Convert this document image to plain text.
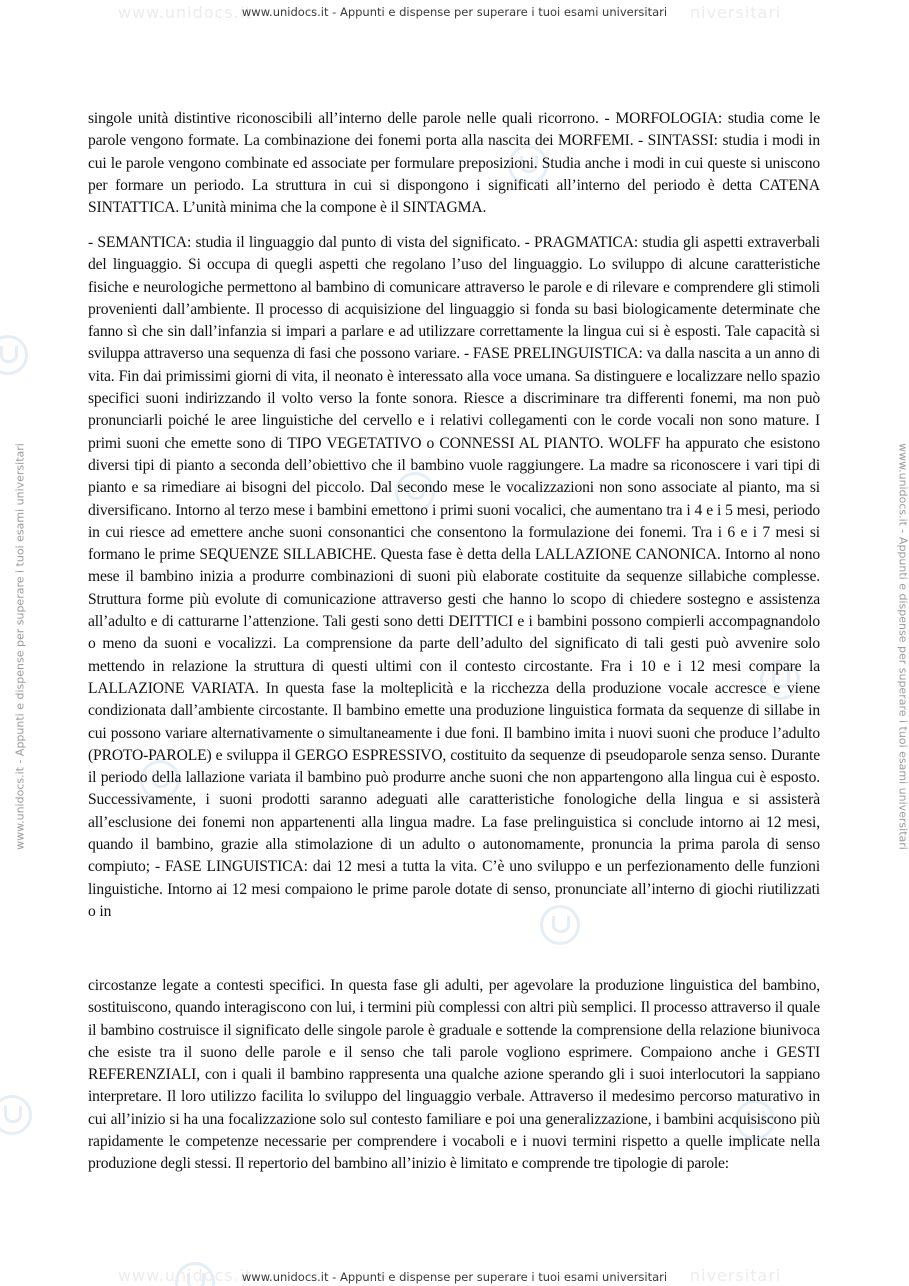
www.unidocs.it	niversitari
www.unidocs.it - Appunti e dispense per superare i tuoi esami universitari
www.unidocs.it - Appunti e dispense per superare i tuoi esami universitari	www.unidocs.it - Appunti e dispense per superare i tuoi esami universitari

singole unità distintive riconoscibili all’interno delle parole nelle quali ricorrono. - MORFOLOGIA: studia come le parole vengono formate. La combinazione dei fonemi porta alla nascita dei MORFEMI. - SINTASSI: studia i modi in cui le parole vengono combinate ed associate per formulare preposizioni. Studia anche i modi in cui queste si uniscono per formare un periodo. La struttura in cui si dispongono i significati all’interno del periodo è detta CATENA SINTATTICA. L’unità minima che la compone è il SINTAGMA.

- SEMANTICA: studia il linguaggio dal punto di vista del significato. - PRAGMATICA: studia gli aspetti extraverbali del linguaggio. Si occupa di quegli aspetti che regolano l’uso del linguaggio. Lo sviluppo di alcune caratteristiche fisiche e neurologiche permettono al bambino di comunicare attraverso le parole e di rilevare e comprendere gli stimoli provenienti dall’ambiente. Il processo di acquisizione del linguaggio si fonda su basi biologicamente determinate che fanno sì che sin dall’infanzia si impari a parlare e ad utilizzare correttamente la lingua cui si è esposti. Tale capacità si sviluppa attraverso una sequenza di fasi che possono variare. - FASE PRELINGUISTICA: va dalla nascita a un anno di vita. Fin dai primissimi giorni di vita, il neonato è interessato alla voce umana. Sa distinguere e localizzare nello spazio specifici suoni indirizzando il volto verso la fonte sonora. Riesce a discriminare tra differenti fonemi, ma non può pronunciarli poiché le aree linguistiche del cervello e i relativi collegamenti con le corde vocali non sono mature. I primi suoni che emette sono di TIPO VEGETATIVO o CONNESSI AL PIANTO. WOLFF ha appurato che esistono diversi tipi di pianto a seconda dell’obiettivo che il bambino vuole raggiungere. La madre sa riconoscere i vari tipi di pianto e sa rimediare ai bisogni del piccolo. Dal secondo mese le vocalizzazioni non sono associate al pianto, ma si diversificano. Intorno al terzo mese i bambini emettono i primi suoni vocalici, che aumentano tra i 4 e i 5 mesi, periodo in cui riesce ad emettere anche suoni consonantici che consentono la formulazione dei fonemi. Tra i 6 e i 7 mesi si formano le prime SEQUENZE SILLABICHE. Questa fase è detta della LALLAZIONE CANONICA. Intorno al nono mese il bambino inizia a produrre combinazioni di suoni più elaborate costituite da sequenze sillabiche complesse. Struttura forme più evolute di comunicazione attraverso gesti che hanno lo scopo di chiedere sostegno e assistenza all’adulto e di catturarne l’attenzione. Tali gesti sono detti DEITTICI e i bambini possono compierli accompagnandolo o meno da suoni e vocalizzi. La comprensione da parte dell’adulto del significato di tali gesti può avvenire solo mettendo in relazione la struttura di questi ultimi con il contesto circostante. Fra i 10 e i 12 mesi compare la LALLAZIONE VARIATA. In questa fase la molteplicità e la ricchezza della produzione vocale accresce e viene condizionata dall’ambiente circostante. Il bambino emette una produzione linguistica formata da sequenze di sillabe in cui possono variare alternativamente o simultaneamente i due foni. Il bambino imita i nuovi suoni che produce l’adulto (PROTO-PAROLE) e sviluppa il GERGO ESPRESSIVO, costituito da sequenze di pseudoparole senza senso. Durante il periodo della lallazione variata il bambino può produrre anche suoni che non appartengono alla lingua cui è esposto. Successivamente, i suoni prodotti saranno adeguati alle caratteristiche fonologiche della lingua e si assisterà all’esclusione dei fonemi non appartenenti alla lingua madre. La fase prelinguistica si conclude intorno ai 12 mesi, quando il bambino, grazie alla stimolazione di un adulto o autonomamente, pronuncia la prima parola di senso compiuto; - FASE LINGUISTICA: dai 12 mesi a tutta la vita. C’è uno sviluppo e un perfezionamento delle funzioni linguistiche. Intorno ai 12 mesi compaiono le prime parole dotate di senso, pronunciate all’interno di giochi riutilizzati o in

circostanze legate a contesti specifici. In questa fase gli adulti, per agevolare la produzione linguistica del bambino, sostituiscono, quando interagiscono con lui, i termini più complessi con altri più semplici. Il processo attraverso il quale il bambino costruisce il significato delle singole parole è graduale e sottende la comprensione della relazione biunivoca che esiste tra il suono delle parole e il senso che tali parole vogliono esprimere. Compaiono anche i GESTI REFERENZIALI, con i quali il bambino rappresenta una qualche azione sperando gli i suoi interlocutori la sappiano interpretare. Il loro utilizzo facilita lo sviluppo del linguaggio verbale. Attraverso il medesimo percorso maturativo in cui all’inizio si ha una focalizzazione solo sul contesto familiare e poi una generalizzazione, i bambini acquisiscono più rapidamente le competenze necessarie per comprendere i vocaboli e i nuovi termini rispetto a quelle implicate nella produzione degli stessi. Il repertorio del bambino all’inizio è limitato e comprende tre tipologie di parole:

www.unidocs.it	niversitari
www.unidocs.it - Appunti e dispense per superare i tuoi esami universitari
